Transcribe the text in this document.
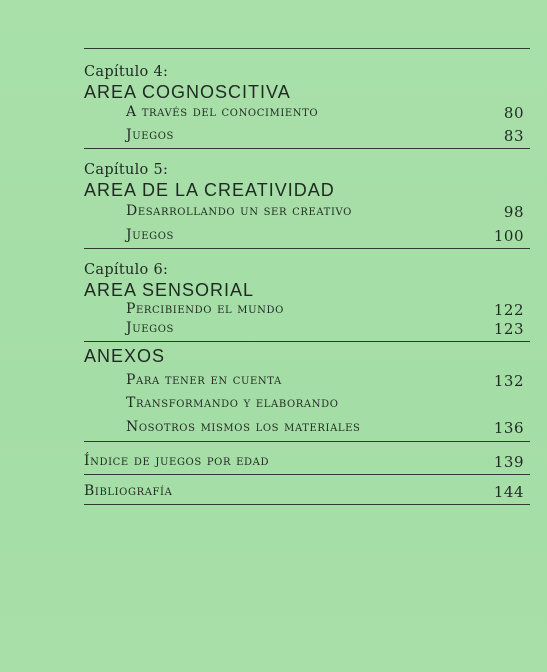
Capítulo 4:
AREA COGNOSCITIVA
A través del conocimiento	80
Juegos	83
Capítulo 5:
AREA DE LA CREATIVIDAD
Desarrollando un ser creativo	98
Juegos	100
Capítulo 6:
AREA SENSORIAL
Percibiendo el mundo	122
Juegos	123
ANEXOS
Para tener en cuenta	132
Transformando y elaborando
Nosotros mismos los materiales	136
Índice de juegos por edad	139
Bibliografía	144
